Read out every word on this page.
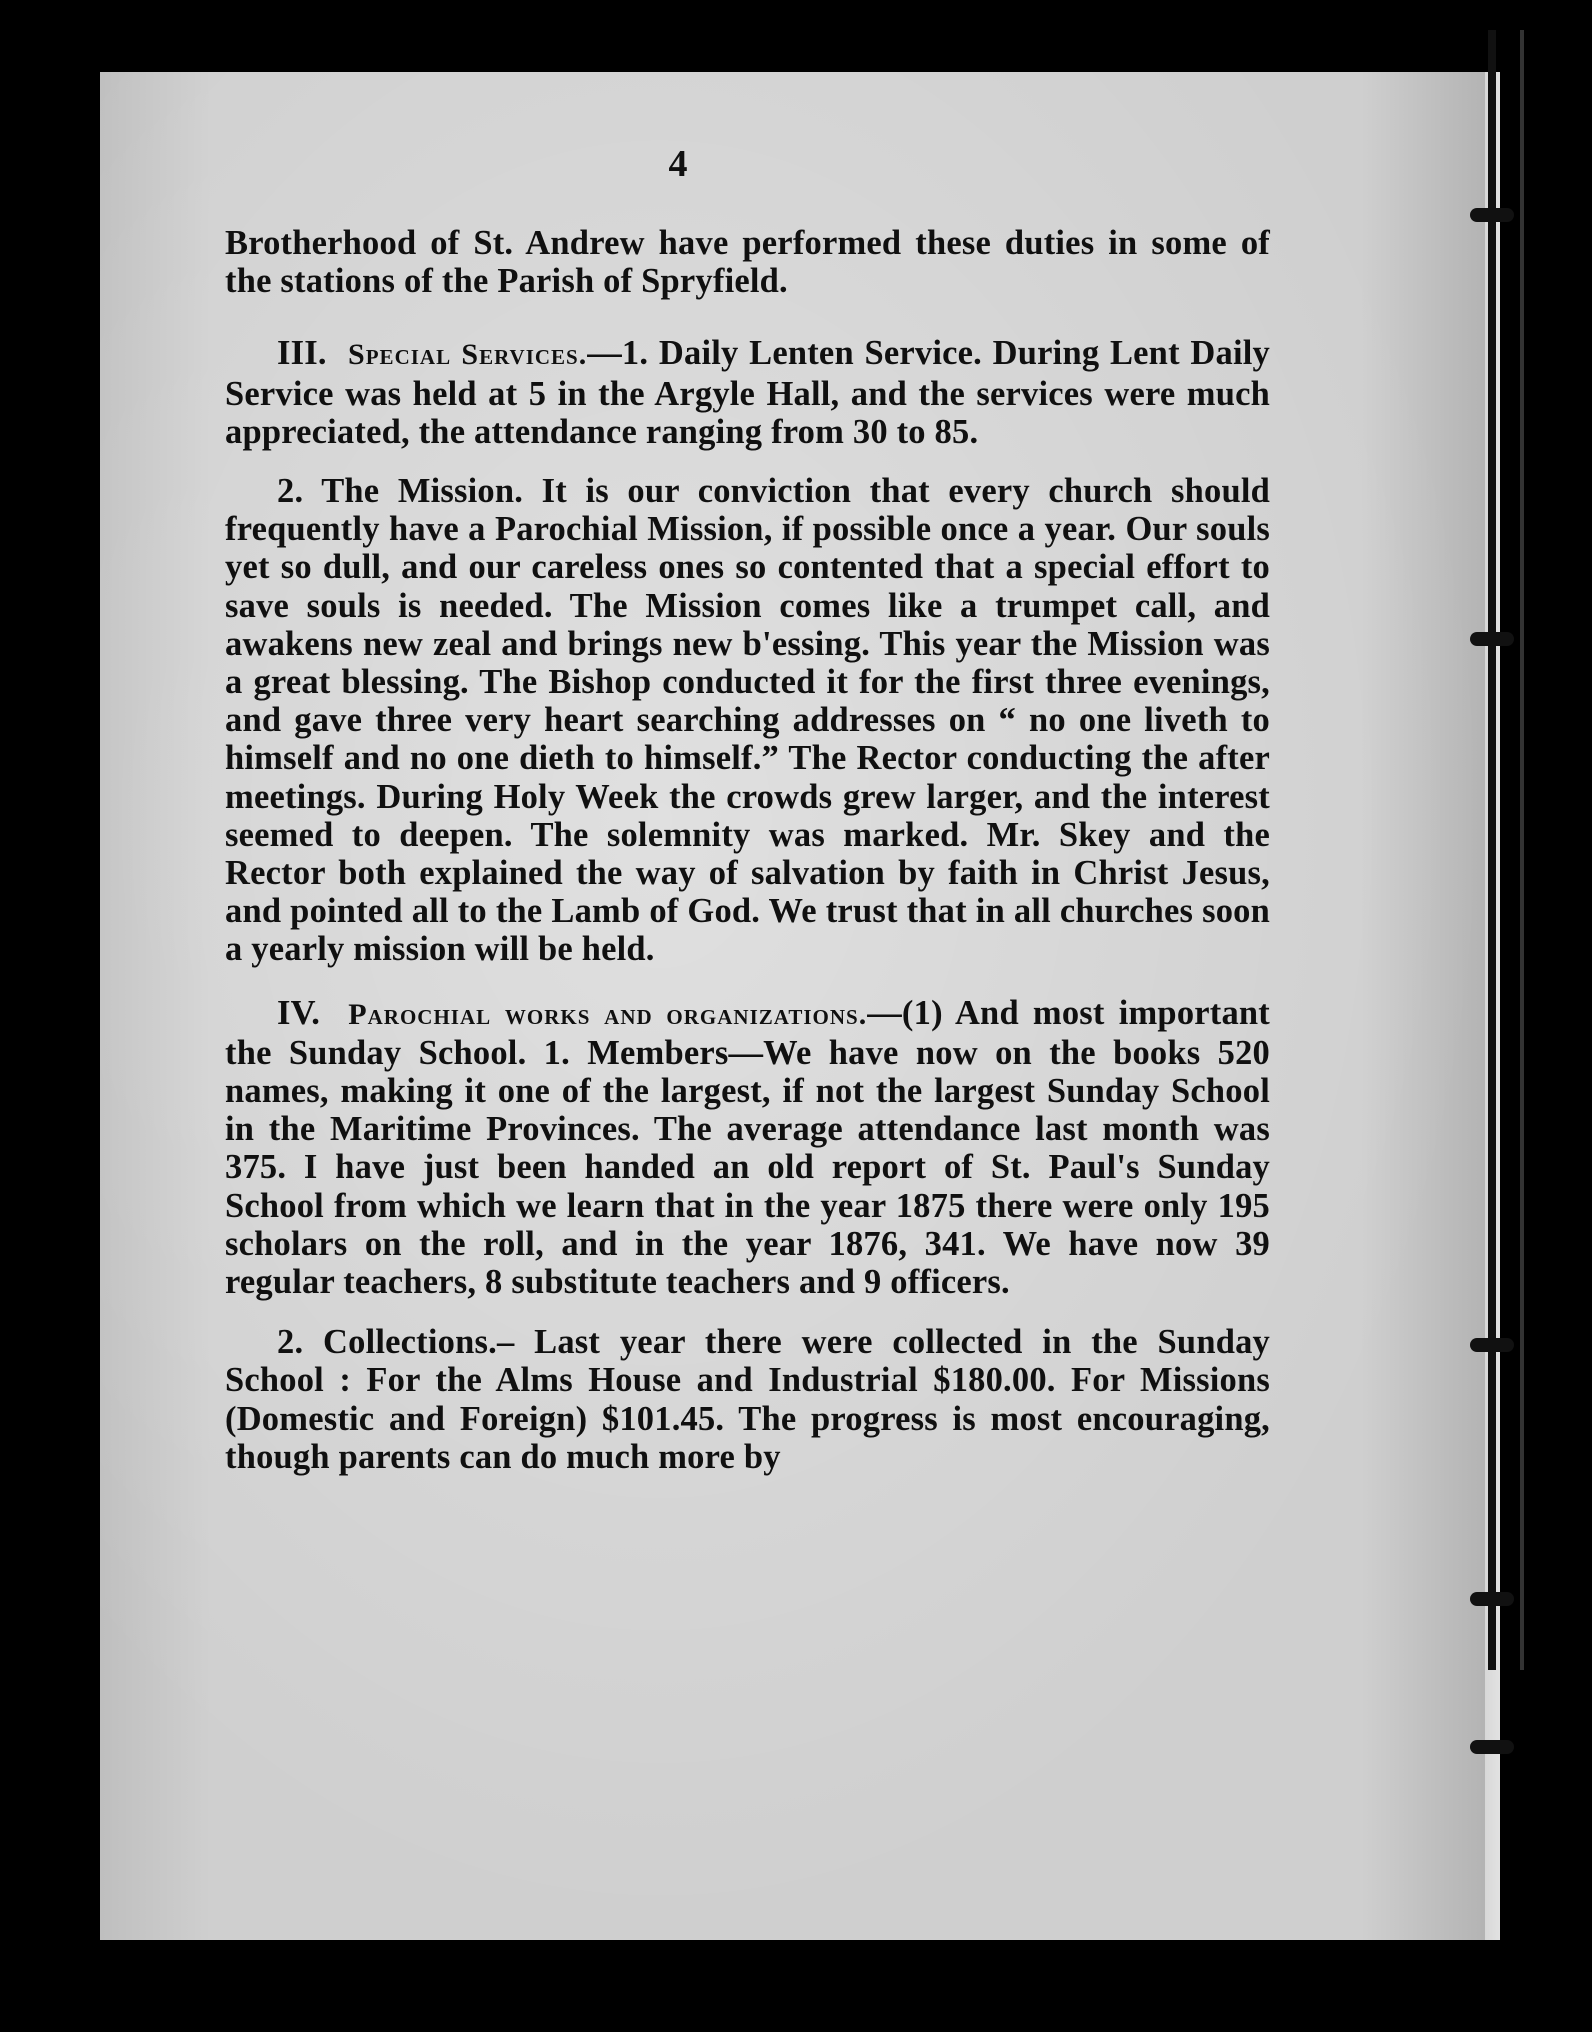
4

Brotherhood of St. Andrew have performed these duties in some of the stations of the Parish of Spryfield.

III. Special Services.—1. Daily Lenten Service. During Lent Daily Service was held at 5 in the Argyle Hall, and the services were much appreciated, the attendance ranging from 30 to 85.

2. The Mission. It is our conviction that every church should frequently have a Parochial Mission, if possible once a year. Our souls yet so dull, and our careless ones so contented that a special effort to save souls is needed. The Mission comes like a trumpet call, and awakens new zeal and brings new b'essing. This year the Mission was a great blessing. The Bishop conducted it for the first three evenings, and gave three very heart searching addresses on “ no one liveth to himself and no one dieth to himself.” The Rector conducting the after meetings. During Holy Week the crowds grew larger, and the interest seemed to deepen. The solemnity was marked. Mr. Skey and the Rector both explained the way of salvation by faith in Christ Jesus, and pointed all to the Lamb of God. We trust that in all churches soon a yearly mission will be held.

IV. Parochial works and organizations.—(1) And most important the Sunday School. 1. Members—We have now on the books 520 names, making it one of the largest, if not the largest Sunday School in the Maritime Provinces. The average attendance last month was 375. I have just been handed an old report of St. Paul's Sunday School from which we learn that in the year 1875 there were only 195 scholars on the roll, and in the year 1876, 341. We have now 39 regular teachers, 8 substitute teachers and 9 officers.

2. Collections.– Last year there were collected in the Sunday School : For the Alms House and Industrial $180.00. For Missions (Domestic and Foreign) $101.45. The progress is most encouraging, though parents can do much more by
